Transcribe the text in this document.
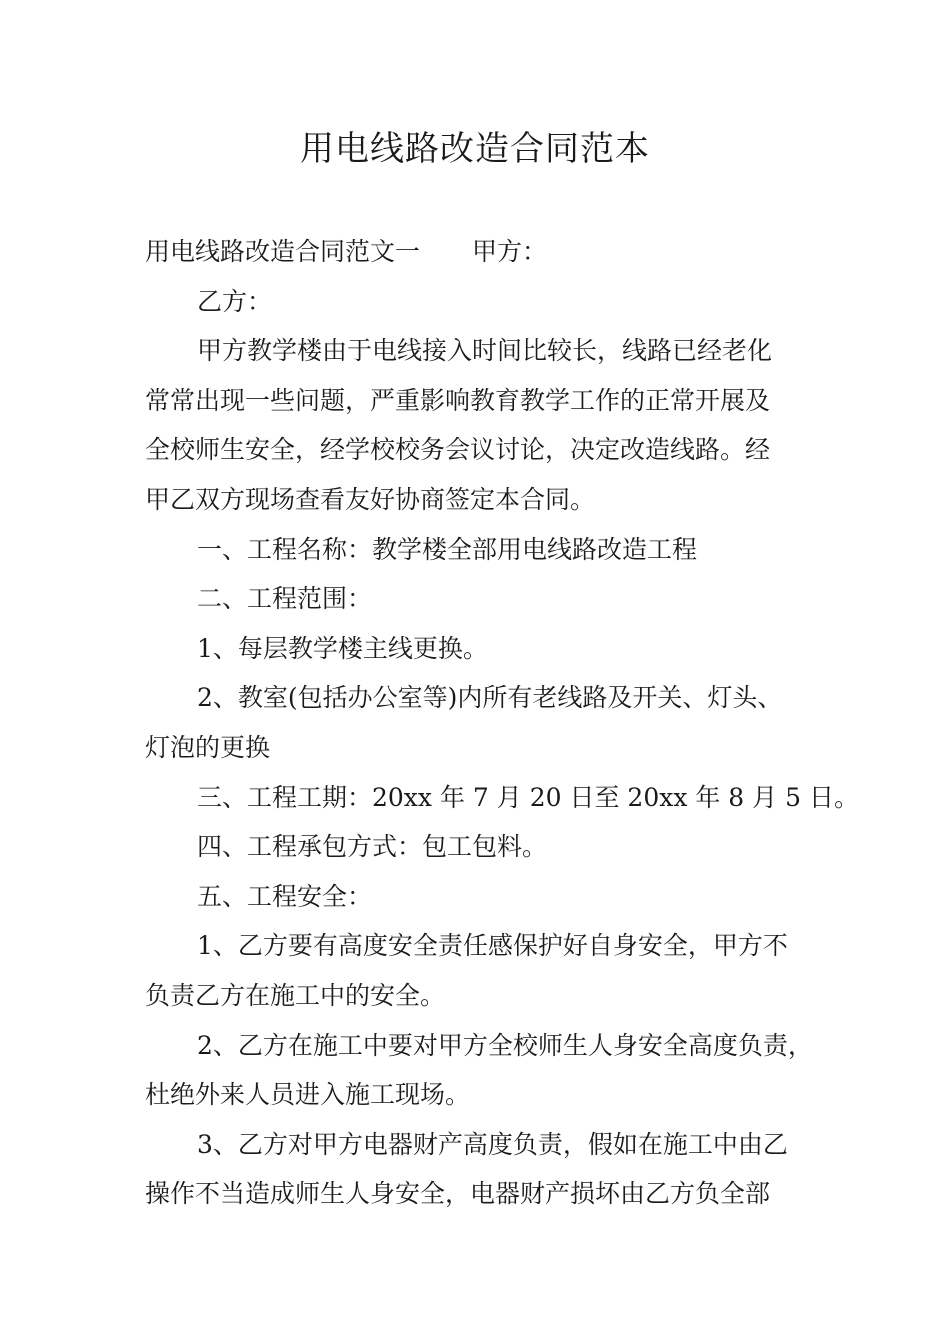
用电线路改造合同范本
用电线路改造合同范文一 甲方：
乙方：
甲方教学楼由于电线接入时间比较长，线路已经老化
常常出现一些问题，严重影响教育教学工作的正常开展及
全校师生安全，经学校校务会议讨论，决定改造线路。经
甲乙双方现场查看友好协商签定本合同。
一、工程名称：教学楼全部用电线路改造工程
二、工程范围：
1、每层教学楼主线更换。
2、教室(包括办公室等)内所有老线路及开关、灯头、
灯泡的更换
三、工程工期：20xx 年 7 月 20 日至 20xx 年 8 月 5 日。
四、工程承包方式：包工包料。
五、工程安全：
1、乙方要有高度安全责任感保护好自身安全，甲方不
负责乙方在施工中的安全。
2、乙方在施工中要对甲方全校师生人身安全高度负责，
杜绝外来人员进入施工现场。
3、乙方对甲方电器财产高度负责，假如在施工中由乙
操作不当造成师生人身安全，电器财产损坏由乙方负全部
